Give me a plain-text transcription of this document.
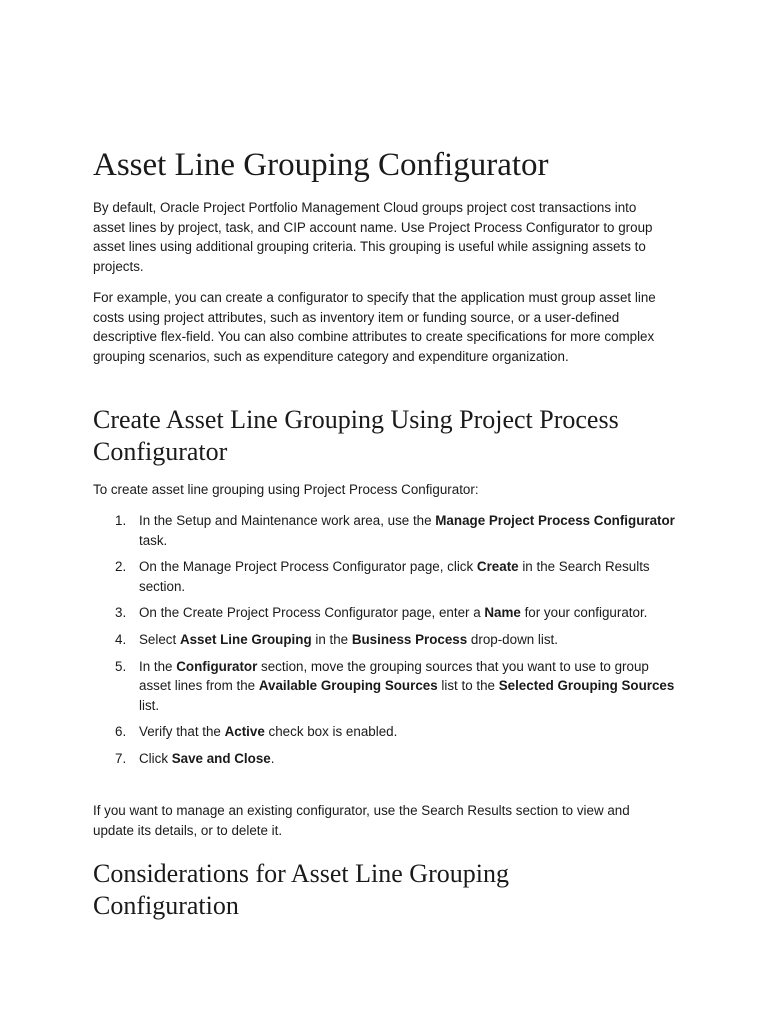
Asset Line Grouping Configurator

By default, Oracle Project Portfolio Management Cloud groups project cost transactions into asset lines by project, task, and CIP account name. Use Project Process Configurator to group asset lines using additional grouping criteria. This grouping is useful while assigning assets to projects.

For example, you can create a configurator to specify that the application must group asset line costs using project attributes, such as inventory item or funding source, or a user-defined descriptive flex-field. You can also combine attributes to create specifications for more complex grouping scenarios, such as expenditure category and expenditure organization.

Create Asset Line Grouping Using Project Process Configurator

To create asset line grouping using Project Process Configurator:

1. In the Setup and Maintenance work area, use the Manage Project Process Configurator task.
2. On the Manage Project Process Configurator page, click Create in the Search Results section.
3. On the Create Project Process Configurator page, enter a Name for your configurator.
4. Select Asset Line Grouping in the Business Process drop-down list.
5. In the Configurator section, move the grouping sources that you want to use to group asset lines from the Available Grouping Sources list to the Selected Grouping Sources list.
6. Verify that the Active check box is enabled.
7. Click Save and Close.

If you want to manage an existing configurator, use the Search Results section to view and update its details, or to delete it.

Considerations for Asset Line Grouping Configuration
